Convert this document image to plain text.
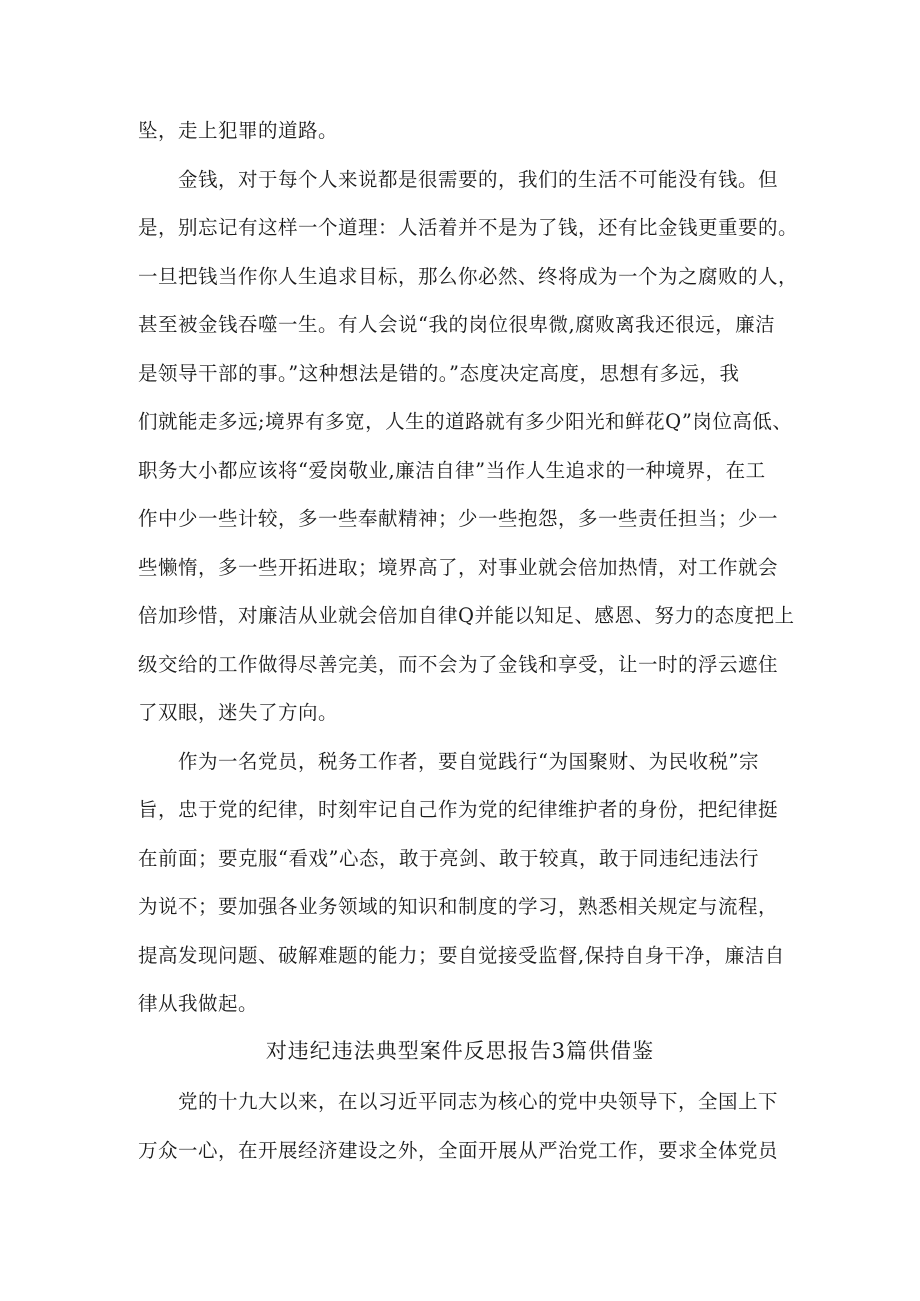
坠，走上犯罪的道路。
金钱，对于每个人来说都是很需要的，我们的生活不可能没有钱。但
是，别忘记有这样一个道理：人活着并不是为了钱，还有比金钱更重要的。
一旦把钱当作你人生追求目标，那么你必然、终将成为一个为之腐败的人，
甚至被金钱吞噬一生。有人会说“我的岗位很卑微,腐败离我还很远，廉洁
是领导干部的事。”这种想法是错的。”态度决定高度，思想有多远，我
们就能走多远;境界有多宽，人生的道路就有多少阳光和鲜花Q”岗位高低、
职务大小都应该将“爱岗敬业,廉洁自律”当作人生追求的一种境界，在工
作中少一些计较，多一些奉献精神；少一些抱怨，多一些责任担当；少一
些懒惰，多一些开拓进取；境界高了，对事业就会倍加热情，对工作就会
倍加珍惜，对廉洁从业就会倍加自律Q并能以知足、感恩、努力的态度把上
级交给的工作做得尽善完美，而不会为了金钱和享受，让一时的浮云遮住
了双眼，迷失了方向。
作为一名党员，税务工作者，要自觉践行“为国聚财、为民收税”宗
旨，忠于党的纪律，时刻牢记自己作为党的纪律维护者的身份，把纪律挺
在前面；要克服“看戏”心态，敢于亮剑、敢于较真，敢于同违纪违法行
为说不；要加强各业务领域的知识和制度的学习，熟悉相关规定与流程，
提高发现问题、破解难题的能力；要自觉接受监督,保持自身干净，廉洁自
律从我做起。
对违纪违法典型案件反思报告3篇供借鉴
党的十九大以来，在以习近平同志为核心的党中央领导下，全国上下
万众一心，在开展经济建设之外，全面开展从严治党工作，要求全体党员
